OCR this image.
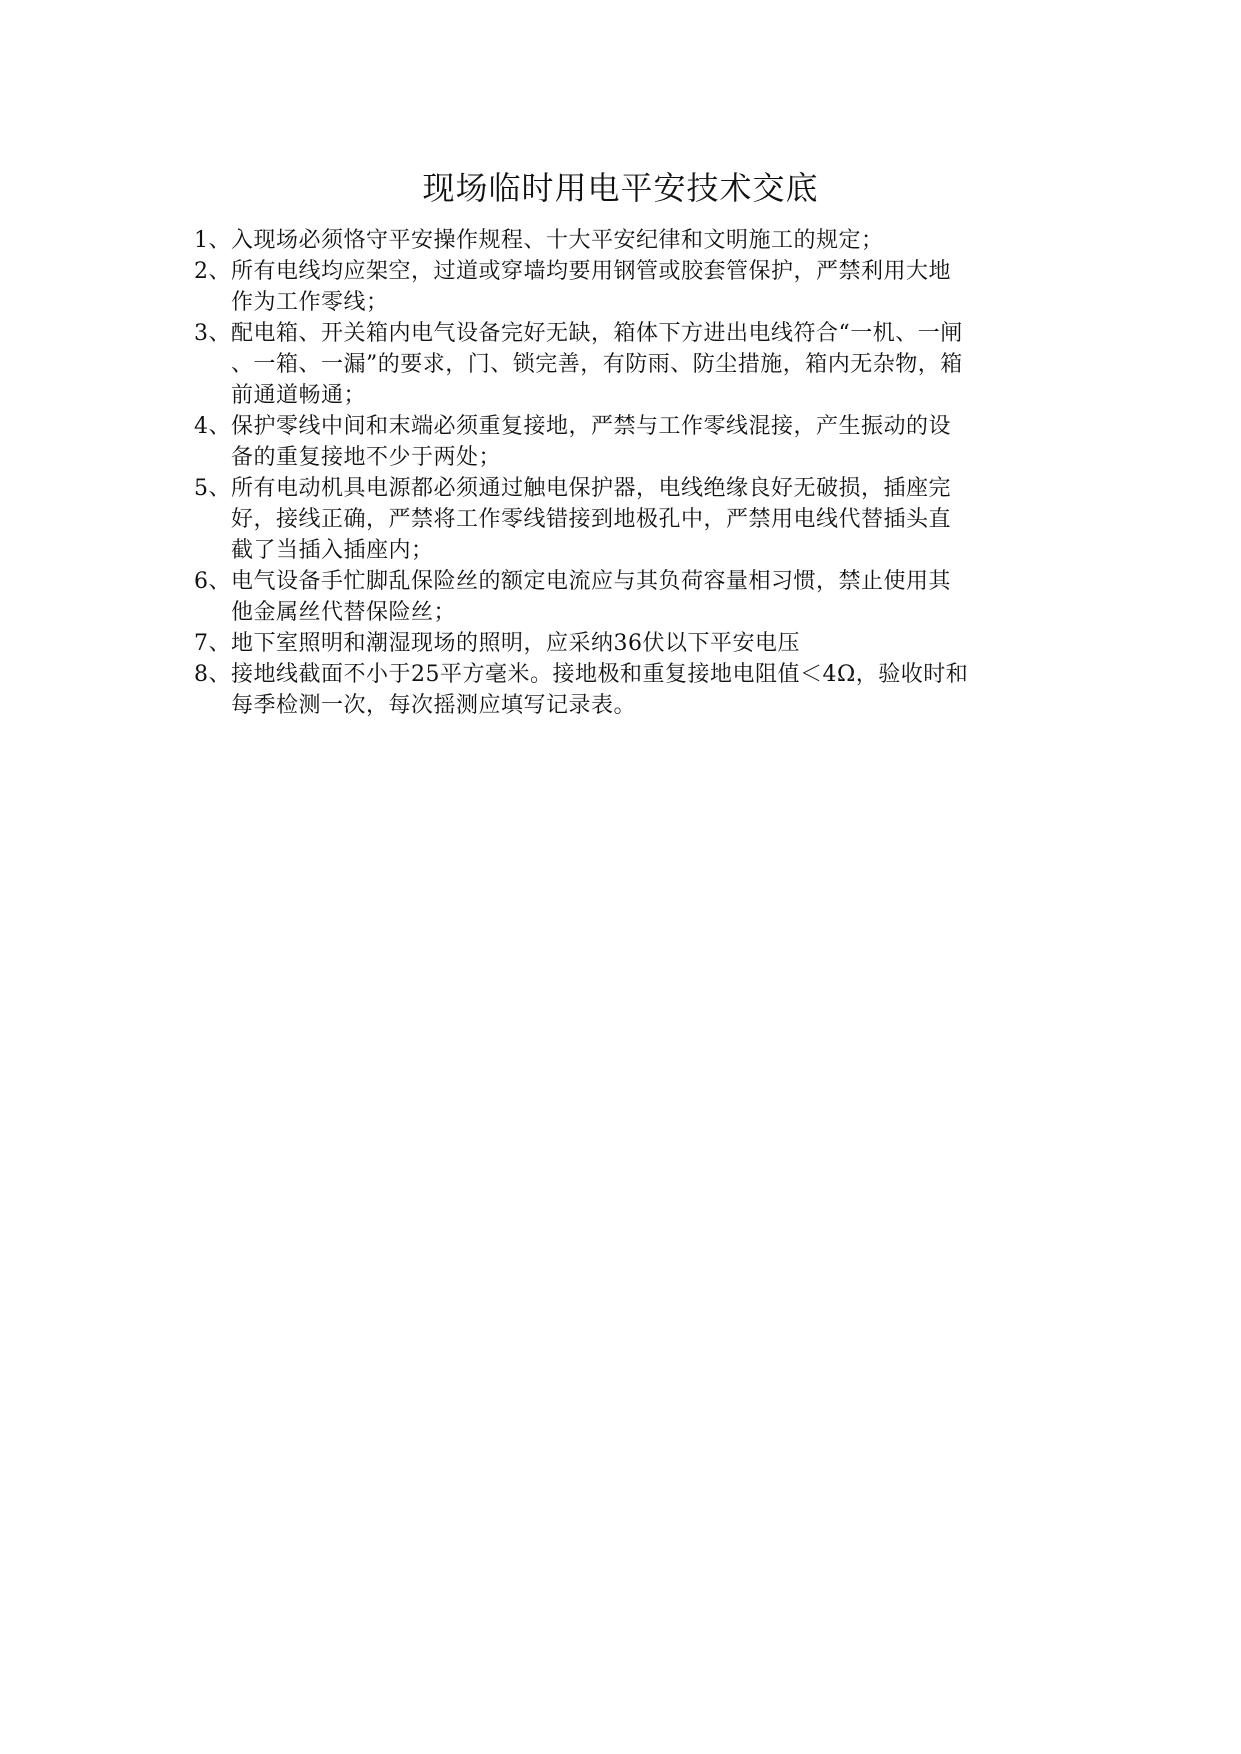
现场临时用电平安技术交底
1、 入现场必须恪守平安操作规程、十大平安纪律和文明施工的规定；
2、 所有电线均应架空，过道或穿墙均要用钢管或胶套管保护，严禁利用大地
作为工作零线；
3、 配电箱、开关箱内电气设备完好无缺，箱体下方进出电线符合“一机、一闸
、一箱、一漏”的要求，门、锁完善，有防雨、防尘措施，箱内无杂物，箱
前通道畅通；
4、 保护零线中间和末端必须重复接地，严禁与工作零线混接，产生振动的设
备的重复接地不少于两处；
5、 所有电动机具电源都必须通过触电保护器，电线绝缘良好无破损，插座完
好，接线正确，严禁将工作零线错接到地极孔中，严禁用电线代替插头直
截了当插入插座内；
6、 电气设备手忙脚乱保险丝的额定电流应与其负荷容量相习惯，禁止使用其
他金属丝代替保险丝；
7、 地下室照明和潮湿现场的照明，应采纳36伏以下平安电压
8、 接地线截面不小于25平方毫米。接地极和重复接地电阻值＜4Ω，验收时和
每季检测一次，每次摇测应填写记录表。
